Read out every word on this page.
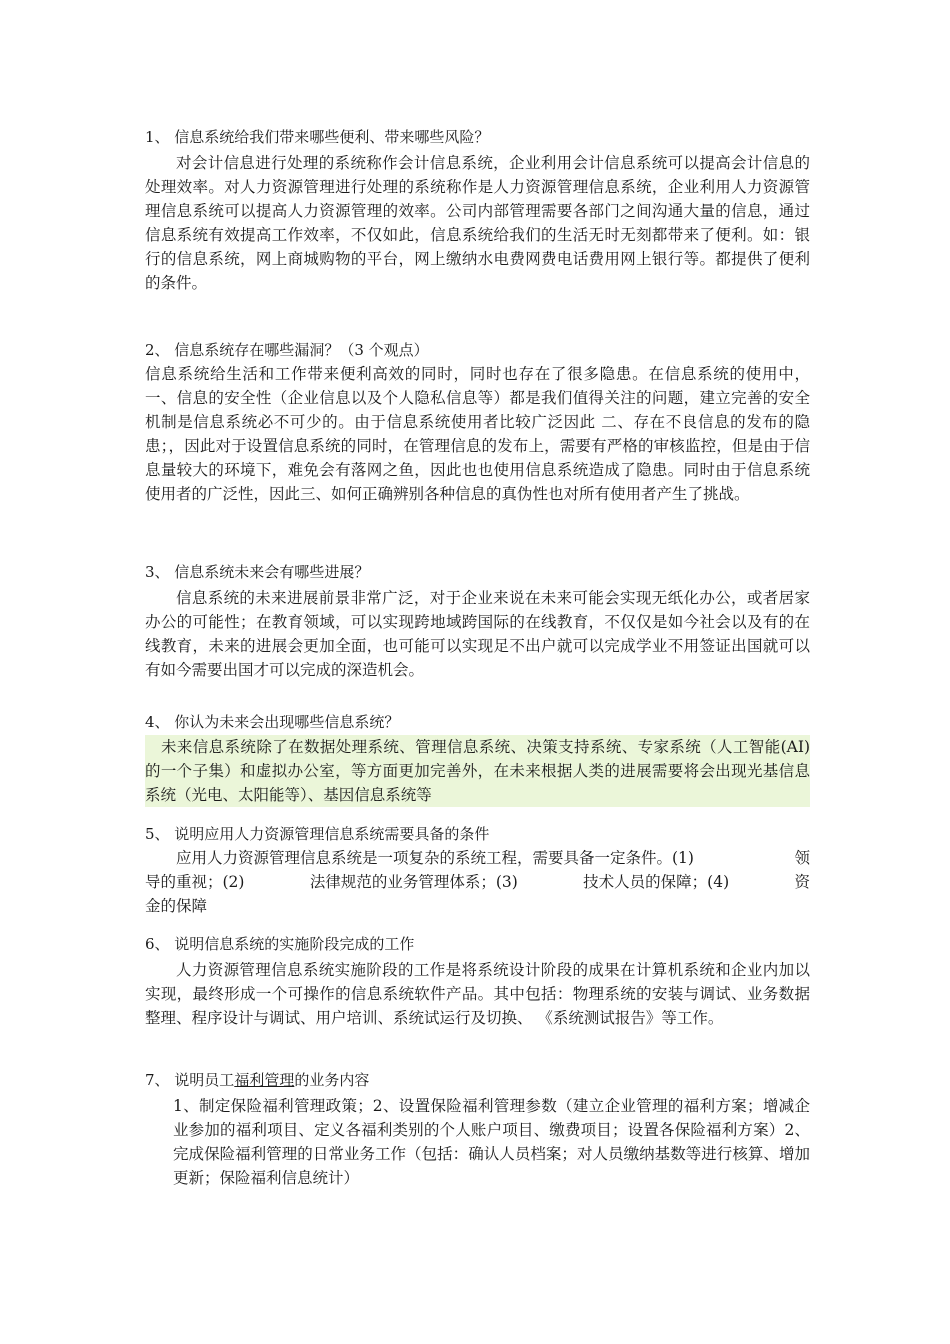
1、 信息系统给我们带来哪些便利、带来哪些风险？
对会计信息进行处理的系统称作会计信息系统，企业利用会计信息系统可以提高会计信息的处理效率。对人力资源管理进行处理的系统称作是人力资源管理信息系统，企业利用人力资源管理信息系统可以提高人力资源管理的效率。公司内部管理需要各部门之间沟通大量的信息，通过信息系统有效提高工作效率，不仅如此，信息系统给我们的生活无时无刻都带来了便利。如：银行的信息系统，网上商城购物的平台，网上缴纳水电费网费电话费用网上银行等。都提供了便利的条件。
2、 信息系统存在哪些漏洞？（3 个观点）
信息系统给生活和工作带来便利高效的同时，同时也存在了很多隐患。在信息系统的使用中，一、信息的安全性（企业信息以及个人隐私信息等）都是我们值得关注的问题，建立完善的安全机制是信息系统必不可少的。由于信息系统使用者比较广泛因此 二、存在不良信息的发布的隐患；，因此对于设置信息系统的同时，在管理信息的发布上，需要有严格的审核监控，但是由于信息量较大的环境下，难免会有落网之鱼，因此也也使用信息系统造成了隐患。同时由于信息系统使用者的广泛性，因此三、如何正确辨别各种信息的真伪性也对所有使用者产生了挑战。
3、 信息系统未来会有哪些进展？
信息系统的未来进展前景非常广泛，对于企业来说在未来可能会实现无纸化办公，或者居家办公的可能性；在教育领域，可以实现跨地域跨国际的在线教育，不仅仅是如今社会以及有的在线教育，未来的进展会更加全面，也可能可以实现足不出户就可以完成学业不用签证出国就可以有如今需要出国才可以完成的深造机会。
4、 你认为未来会出现哪些信息系统？
未来信息系统除了在数据处理系统、管理信息系统、决策支持系统、专家系统（人工智能(AI)的一个子集）和虚拟办公室，等方面更加完善外，在未来根据人类的进展需要将会出现光基信息系统（光电、太阳能等）、基因信息系统等
5、 说明应用人力资源管理信息系统需要具备的条件
应用人力资源管理信息系统是一项复杂的系统工程，需要具备一定条件。(1)	领
导的重视；(2)	法律规范的业务管理体系；(3)	技术人员的保障；(4)	资
金的保障
6、 说明信息系统的实施阶段完成的工作
人力资源管理信息系统实施阶段的工作是将系统设计阶段的成果在计算机系统和企业内加以实现，最终形成一个可操作的信息系统软件产品。其中包括：物理系统的安装与调试、业务数据整理、程序设计与调试、用户培训、系统试运行及切换、 《系统测试报告》等工作。
7、 说明员工福利管理的业务内容
1、制定保险福利管理政策；2、设置保险福利管理参数（建立企业管理的福利方案；增减企业参加的福利项目、定义各福利类别的个人账户项目、缴费项目；设置各保险福利方案）2、完成保险福利管理的日常业务工作（包括：确认人员档案；对人员缴纳基数等进行核算、增加更新；保险福利信息统计）
